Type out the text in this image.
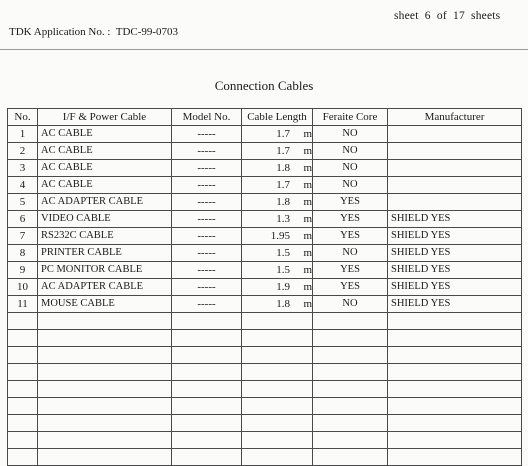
sheet  6  of  17  sheets
TDK Application No. :  TDC-99-0703
Connection Cables
No.	I/F & Power Cable	Model No.	Cable Length	Feraite Core	Manufacturer
1	AC CABLE	-----	1.7 m	NO	
2	AC CABLE	-----	1.7 m	NO	
3	AC CABLE	-----	1.8 m	NO	
4	AC CABLE	-----	1.7 m	NO	
5	AC ADAPTER CABLE	-----	1.8 m	YES	
6	VIDEO CABLE	-----	1.3 m	YES	SHIELD YES
7	RS232C CABLE	-----	1.95 m	YES	SHIELD YES
8	PRINTER CABLE	-----	1.5 m	NO	SHIELD YES
9	PC MONITOR CABLE	-----	1.5 m	YES	SHIELD YES
10	AC ADAPTER CABLE	-----	1.9 m	YES	SHIELD YES
11	MOUSE CABLE	-----	1.8 m	NO	SHIELD YES
